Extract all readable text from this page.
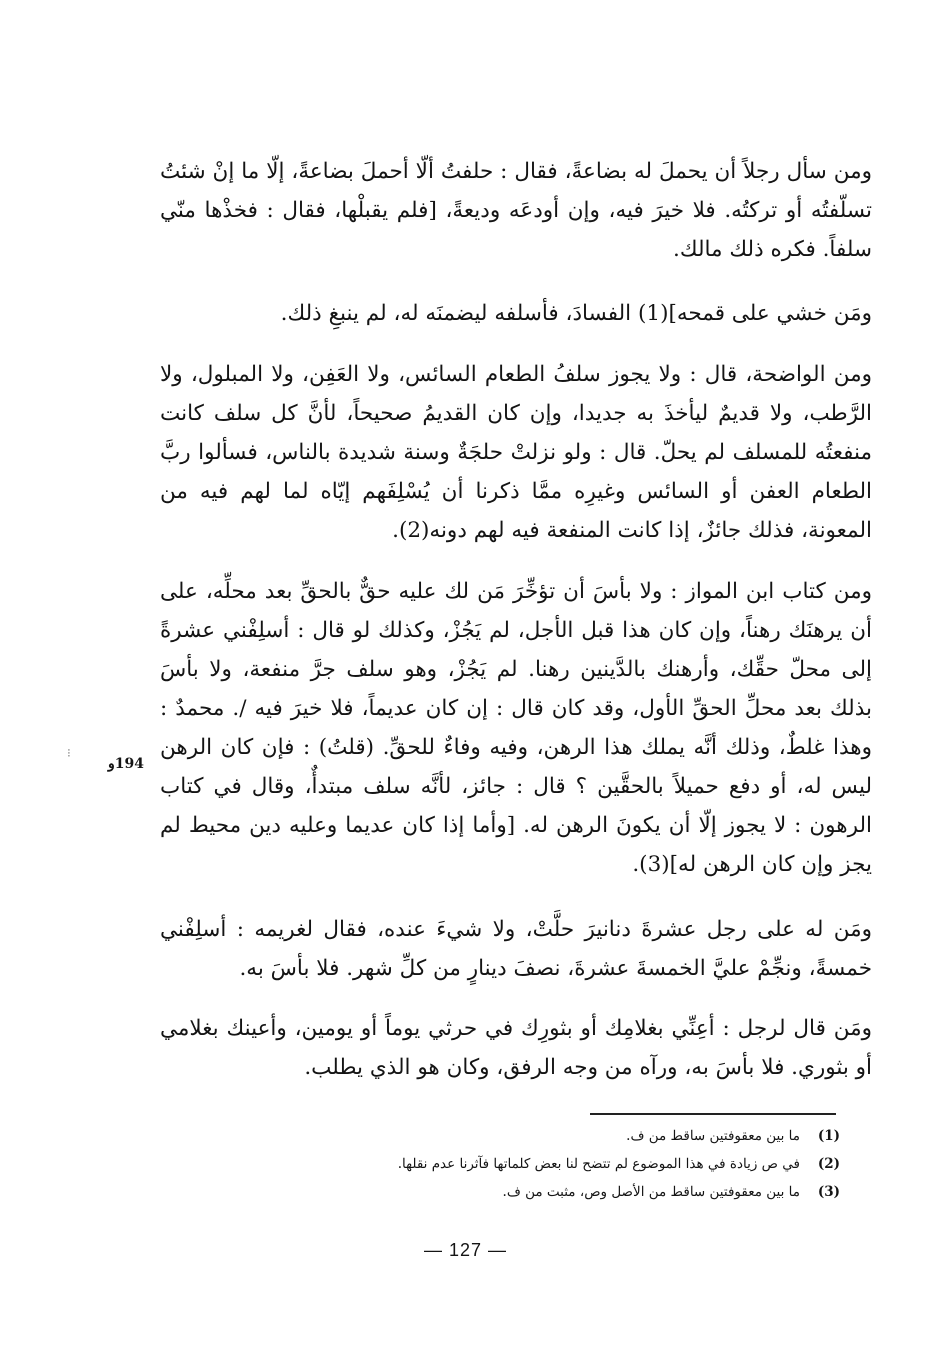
ومن سأل رجلاً أن يحملَ له بضاعةً، فقال : حلفتُ ألّا أحملَ بضاعةً، إلّا ما إنْ شئتُ تسلّفتُه أو تركتُه. فلا خيرَ فيه، وإن أودعَه وديعةً، [فلم يقبلْها، فقال : فخذْها منّي سلفاً. فكره ذلك مالك.

ومَن خشي على قمحه](1) الفسادَ، فأسلفه ليضمنَه له، لم ينبغِ ذلك.

ومن الواضحة، قال : ولا يجوز سلفُ الطعام السائس، ولا العَفِن، ولا المبلول، ولا الرَّطب، ولا قديمٌ ليأخذَ به جديدا، وإن كان القديمُ صحيحاً، لأنَّ كل سلف كانت منفعتُه للمسلف لم يحلّ. قال : ولو نزلتْ حلجَةٌ وسنة شديدة بالناس، فسألوا ربَّ الطعام العفن أو السائس وغيرِه ممَّا ذكرنا أن يُسْلِفَهم إيّاه لما لهم فيه من المعونة، فذلك جائزٌ، إذا كانت المنفعة فيه لهم دونه(2).

ومن كتاب ابن المواز : ولا بأسَ أن تؤخِّرَ مَن لك عليه حقٌّ بالحقِّ بعد محلِّه، على أن يرهنَك رهناً، وإن كان هذا قبل الأجل، لم يَجُزْ، وكذلك لو قال : أسلِفْني عشرةً إلى محلّ حقِّك، وأرهنك بالدَّينين رهنا. لم يَجُزْ، وهو سلف جرَّ منفعة، ولا بأسَ بذلك بعد محلِّ الحقِّ الأول، وقد كان قال : إن كان عديماً، فلا خيرَ فيه /. محمدٌ : وهذا غلطٌ، وذلك أنَّه يملك هذا الرهن، وفيه وفاءٌ للحقِّ. (قلتُ) : فإن كان الرهن ليس له، أو دفع حميلاً بالحقَّين ؟ قال : جائز، لأنَّه سلف مبتدأٌ، وقال في كتاب الرهون : لا يجوز إلّا أن يكونَ الرهن له. [وأما إذا كان عديما وعليه دين محيط لم يجز وإن كان الرهن له](3).

ومَن له على رجل عشرةَ دنانيرَ حلَّتْ، ولا شيءَ عنده، فقال لغريمه : أسلِفْني خمسةً، ونجِّمْ عليَّ الخمسةَ عشرةَ، نصفَ دينارٍ من كلِّ شهر. فلا بأسَ به.

ومَن قال لرجل : أعِنِّي بغلامِك أو بثورِك في حرثي يوماً أو يومين، وأعينك بغلامي أو بثوري. فلا بأسَ به، ورآه من وجه الرفق، وكان هو الذي يطلب.

⁝
194و
(1)
ما بين معقوفتين ساقط من ف.
(2)
في ص زيادة في هذا الموضوع لم تتضح لنا بعض كلماتها فآثرنا عدم نقلها.
(3)
ما بين معقوفتين ساقط من الأصل وص، مثبت من ف.
— 127 —
